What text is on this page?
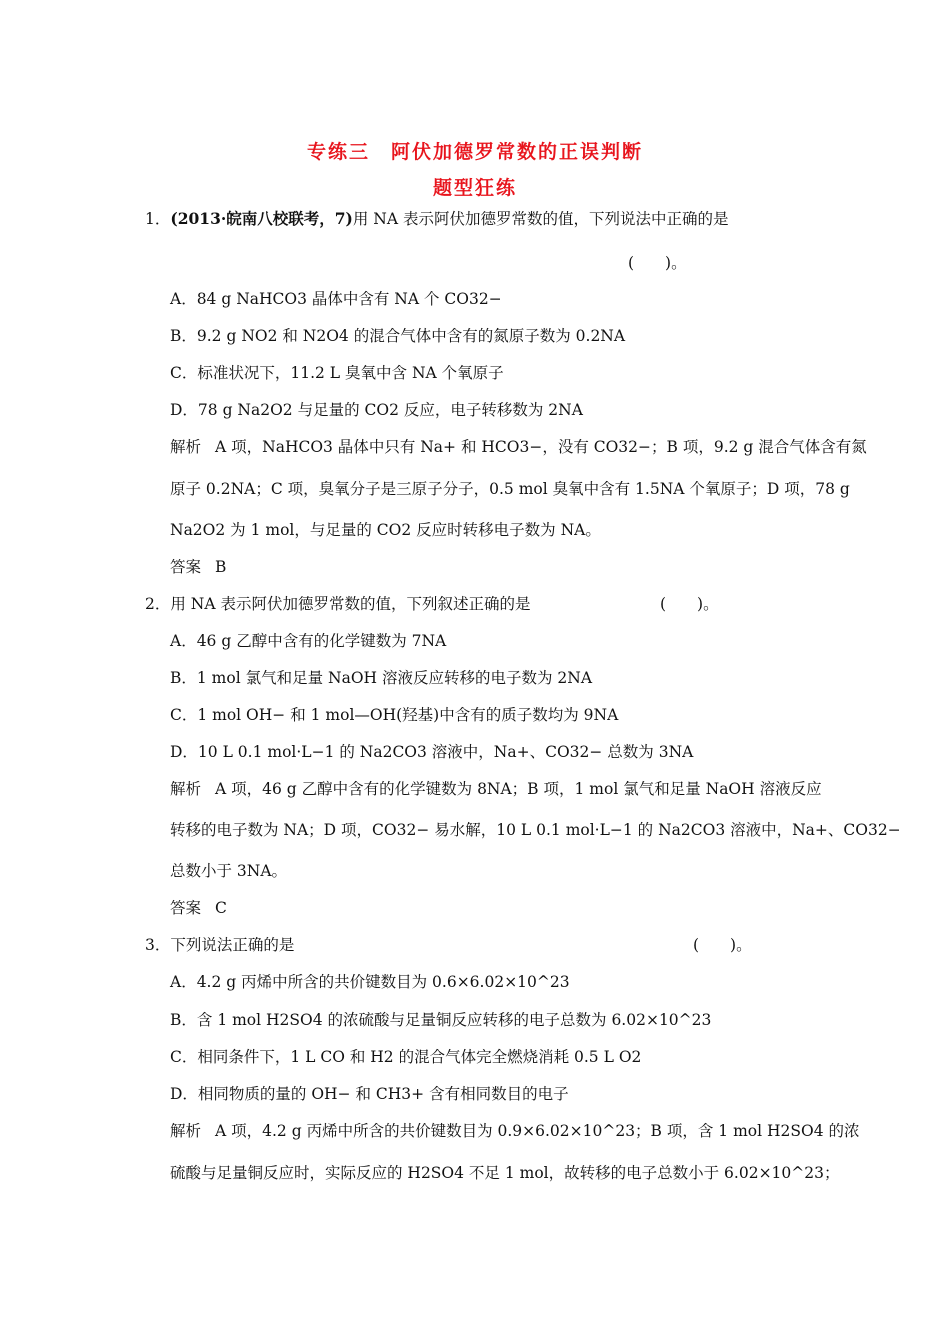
专练三　阿伏加德罗常数的正误判断
题型狂练
1．(2013·皖南八校联考，7)用 NA 表示阿伏加德罗常数的值，下列说法中正确的是
(　　)。
A．84 g NaHCO3 晶体中含有 NA 个 CO32−
B．9.2 g NO2 和 N2O4 的混合气体中含有的氮原子数为 0.2NA
C．标准状况下，11.2 L 臭氧中含 NA 个氧原子
D．78 g Na2O2 与足量的 CO2 反应，电子转移数为 2NA
解析 A 项，NaHCO3 晶体中只有 Na+ 和 HCO3−，没有 CO32−；B 项，9.2 g 混合气体含有氮
原子 0.2NA；C 项，臭氧分子是三原子分子，0.5 mol 臭氧中含有 1.5NA 个氧原子；D 项，78 g
Na2O2 为 1 mol，与足量的 CO2 反应时转移电子数为 NA。
答案 B
2．用 NA 表示阿伏加德罗常数的值，下列叙述正确的是	(　　)。
A．46 g 乙醇中含有的化学键数为 7NA
B．1 mol 氯气和足量 NaOH 溶液反应转移的电子数为 2NA
C．1 mol OH− 和 1 mol—OH(羟基)中含有的质子数均为 9NA
D．10 L 0.1 mol·L−1 的 Na2CO3 溶液中，Na+、CO32− 总数为 3NA
解析 A 项，46 g 乙醇中含有的化学键数为 8NA；B 项，1 mol 氯气和足量 NaOH 溶液反应
转移的电子数为 NA；D 项，CO32− 易水解，10 L 0.1 mol·L−1 的 Na2CO3 溶液中，Na+、CO32−
总数小于 3NA。
答案 C
3．下列说法正确的是	(　　)。
A．4.2 g 丙烯中所含的共价键数目为 0.6×6.02×10^23
B．含 1 mol H2SO4 的浓硫酸与足量铜反应转移的电子总数为 6.02×10^23
C．相同条件下，1 L CO 和 H2 的混合气体完全燃烧消耗 0.5 L O2
D．相同物质的量的 OH− 和 CH3+ 含有相同数目的电子
解析 A 项，4.2 g 丙烯中所含的共价键数目为 0.9×6.02×10^23；B 项，含 1 mol H2SO4 的浓
硫酸与足量铜反应时，实际反应的 H2SO4 不足 1 mol，故转移的电子总数小于 6.02×10^23；
